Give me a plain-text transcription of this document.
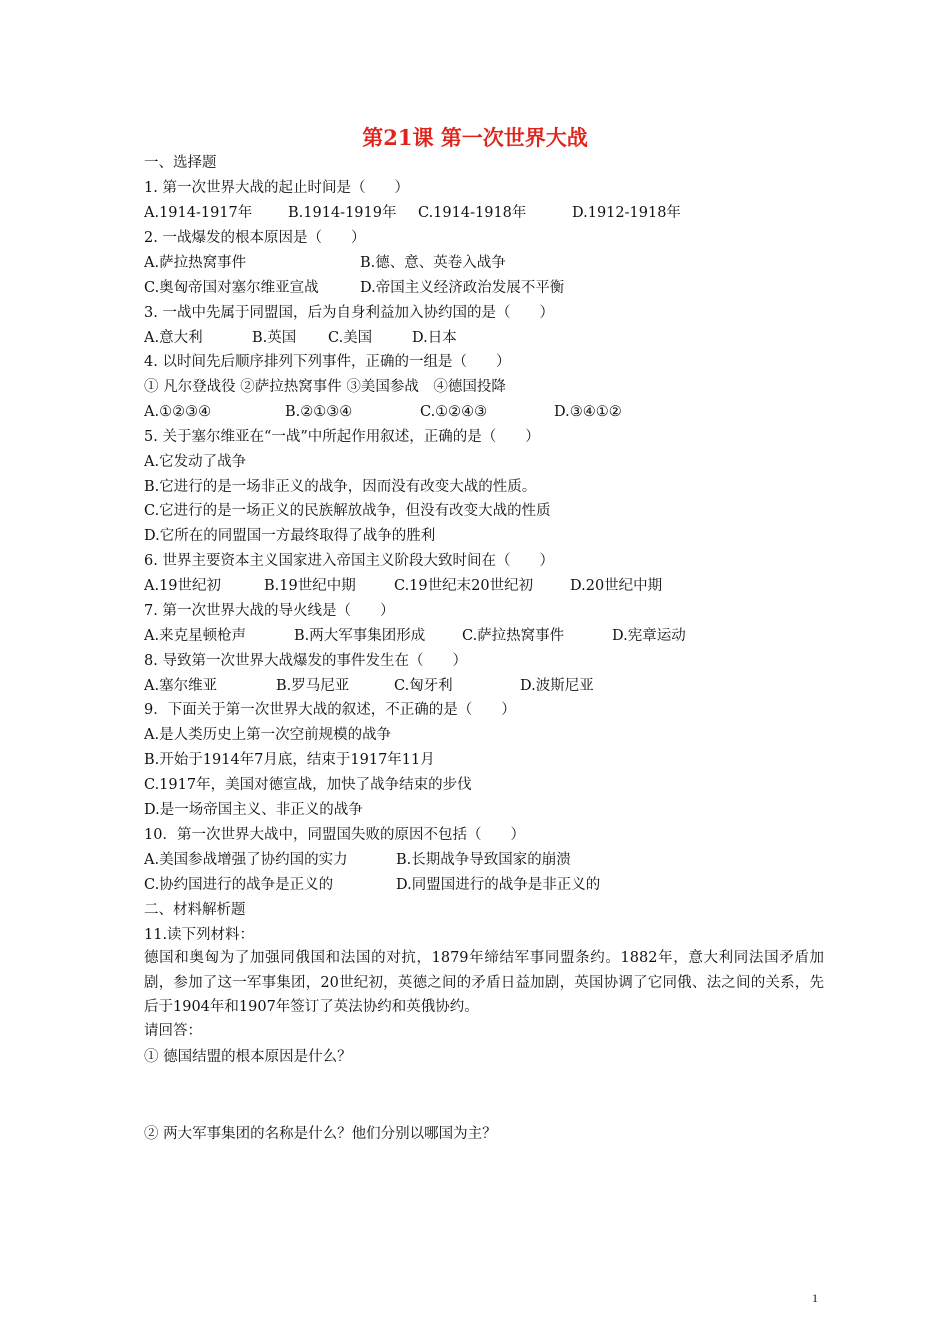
第21课 第一次世界大战
一、选择题
1. 第一次世界大战的起止时间是（　　）
A.1914-1917年 B.1914-1919年 C.1914-1918年	D.1912-1918年
2. 一战爆发的根本原因是（　　）
A.萨拉热窝事件	B.德、意、英卷入战争
C.奥匈帝国对塞尔维亚宣战	D.帝国主义经济政治发展不平衡
3. 一战中先属于同盟国，后为自身利益加入协约国的是（　　）
A.意大利	B.英国 C.美国	D.日本
4. 以时间先后顺序排列下列事件，正确的一组是（　　）
① 凡尔登战役 ②萨拉热窝事件 ③美国参战　④德国投降
A.①②③④	B.②①③④	C.①②④③	D.③④①②
5. 关于塞尔维亚在“一战”中所起作用叙述，正确的是（　　）
A.它发动了战争
B.它进行的是一场非正义的战争，因而没有改变大战的性质。
C.它进行的是一场正义的民族解放战争，但没有改变大战的性质
D.它所在的同盟国一方最终取得了战争的胜利
6. 世界主要资本主义国家进入帝国主义阶段大致时间在（　　）
A.19世纪初	B.19世纪中期	C.19世纪末20世纪初	D.20世纪中期
7. 第一次世界大战的导火线是（　　）
A.来克星顿枪声	B.两大军事集团形成	C.萨拉热窝事件	D.宪章运动
8. 导致第一次世界大战爆发的事件发生在（　　）
A.塞尔维亚	B.罗马尼亚	C.匈牙利	D.波斯尼亚
9．下面关于第一次世界大战的叙述，不正确的是（　　）
A.是人类历史上第一次空前规模的战争
B.开始于1914年7月底，结束于1917年11月
C.1917年，美国对德宣战，加快了战争结束的步伐
D.是一场帝国主义、非正义的战争
10．第一次世界大战中，同盟国失败的原因不包括（　　）
A.美国参战增强了协约国的实力	B.长期战争导致国家的崩溃
C.协约国进行的战争是正义的	D.同盟国进行的战争是非正义的
二、材料解析题
11.读下列材料：
德国和奥匈为了加强同俄国和法国的对抗，1879年缔结军事同盟条约。1882年，意大利同法国矛盾加剧，参加了这一军事集团，20世纪初，英德之间的矛盾日益加剧，英国协调了它同俄、法之间的关系，先后于1904年和1907年签订了英法协约和英俄协约。
请回答：
① 德国结盟的根本原因是什么？
② 两大军事集团的名称是什么？他们分别以哪国为主？
1
